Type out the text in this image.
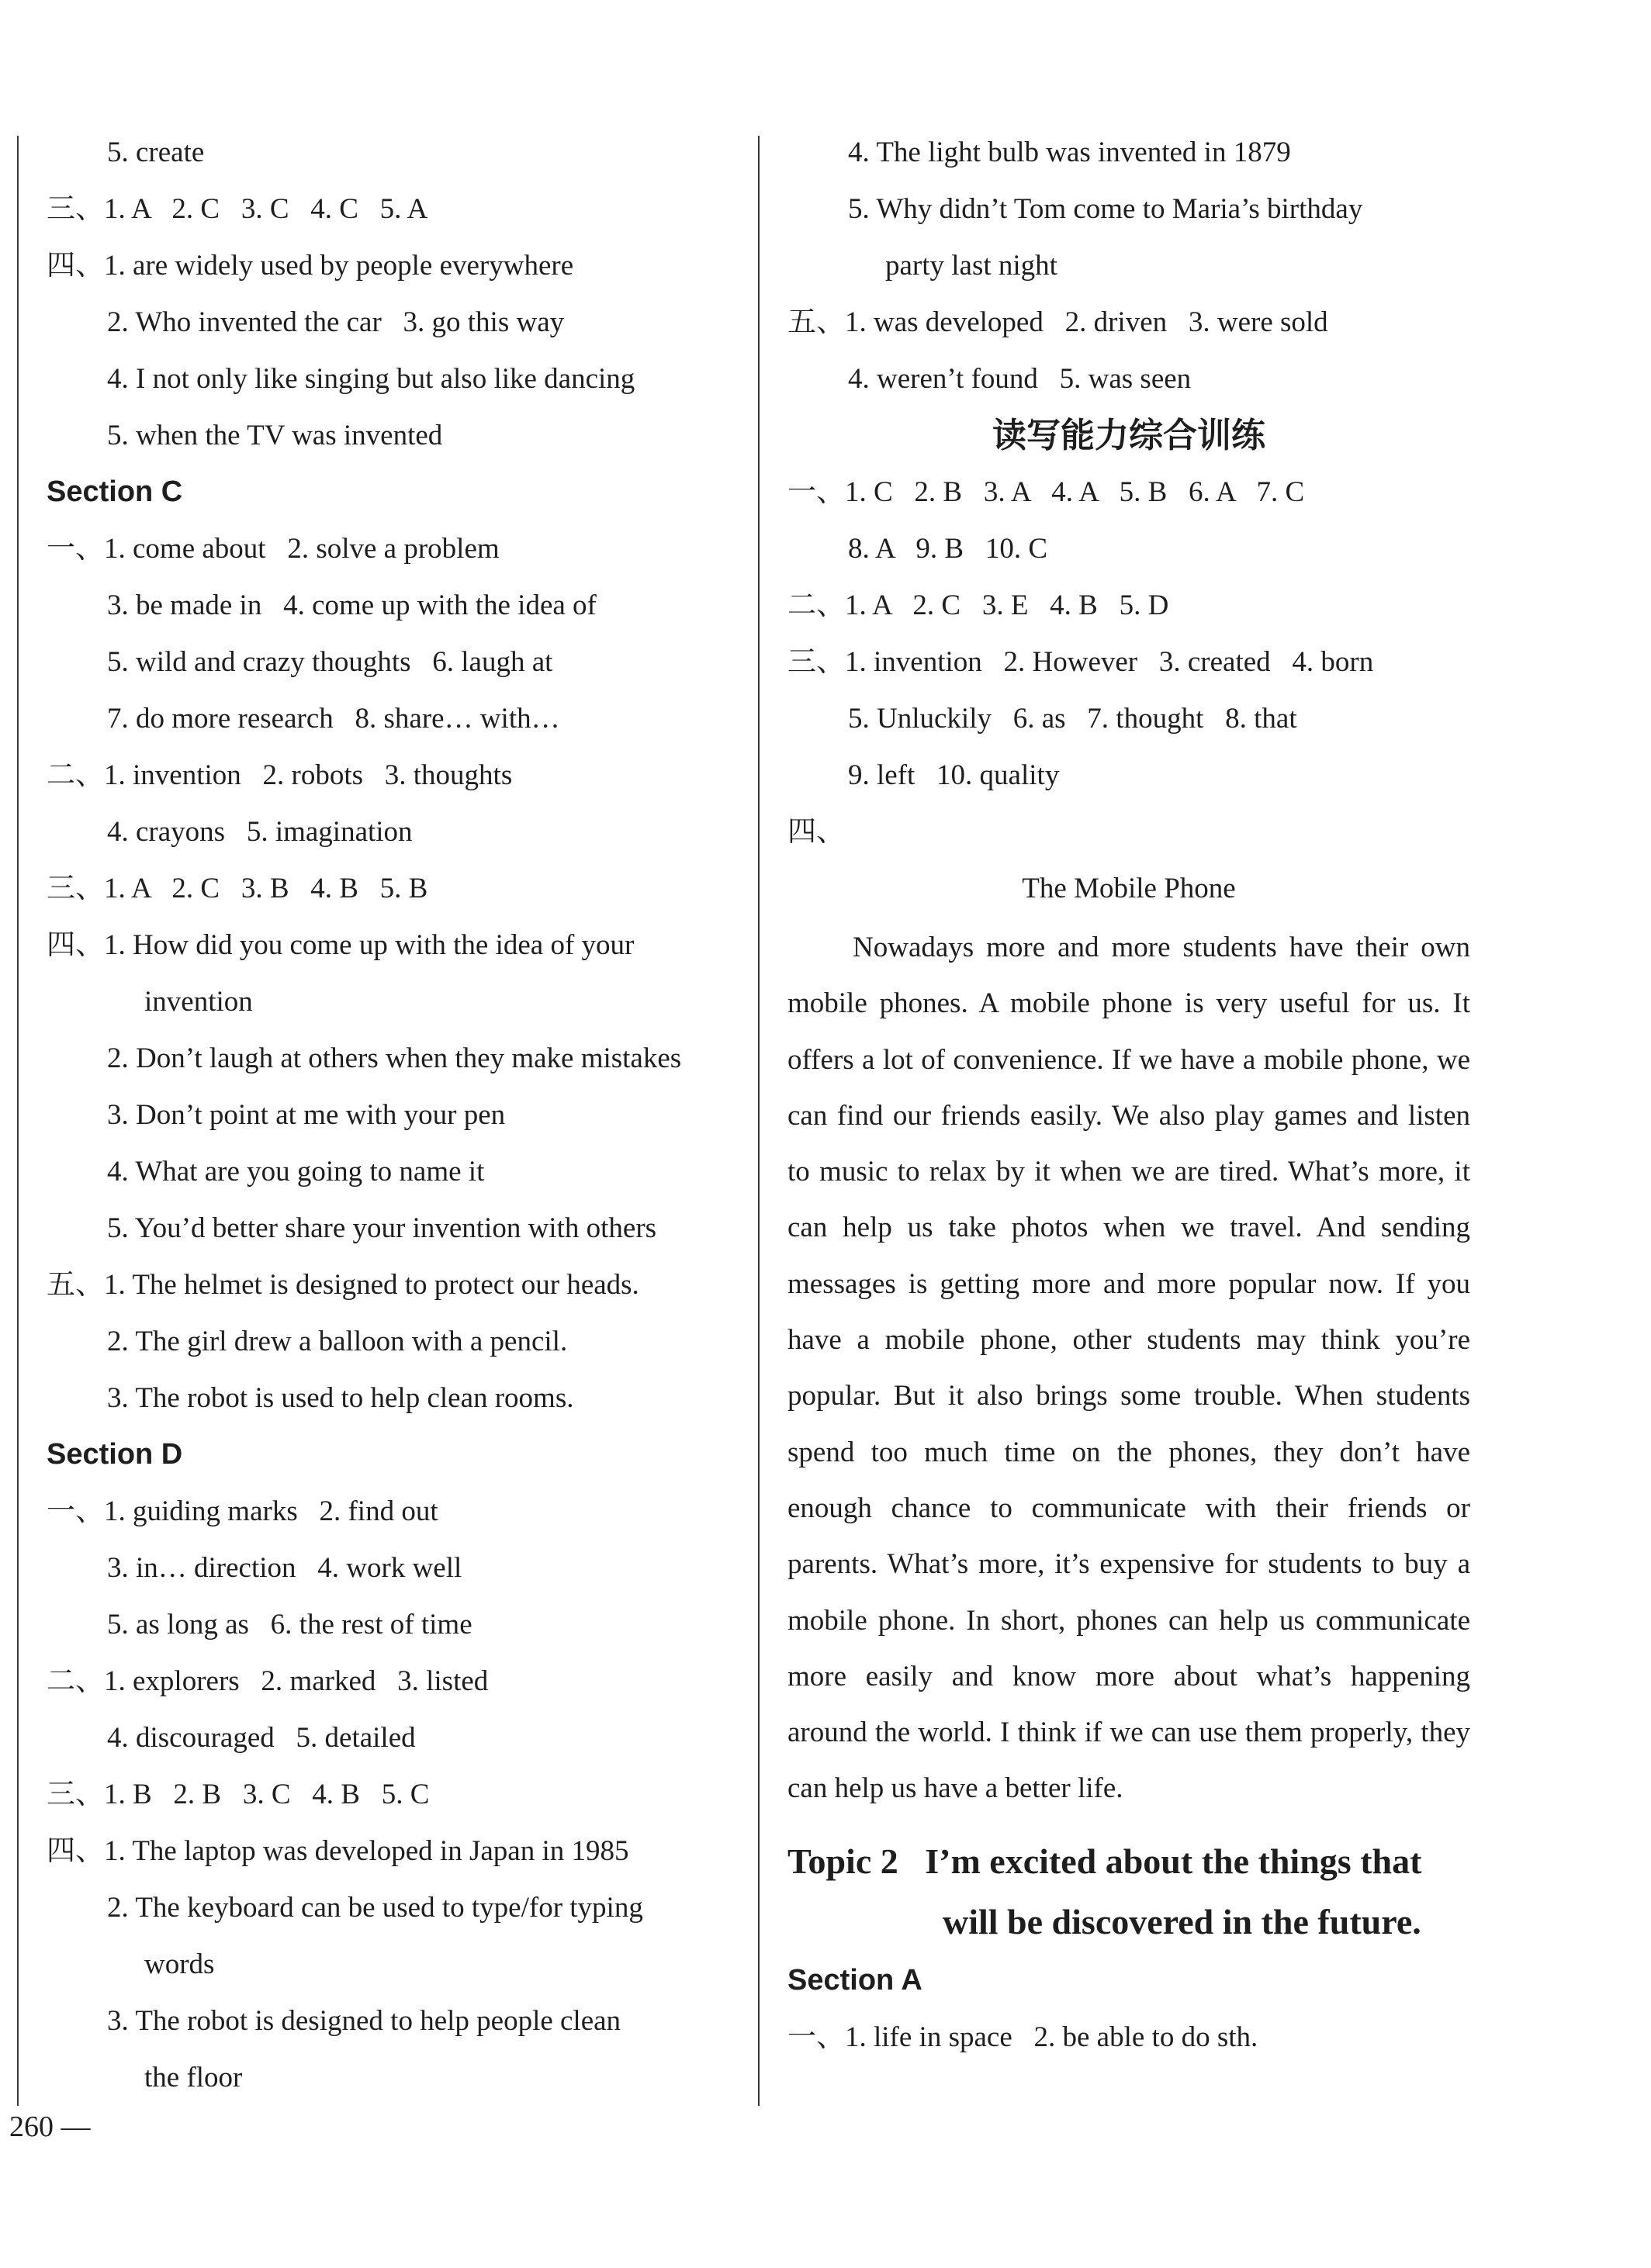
5. create
三、1. A   2. C   3. C   4. C   5. A
四、1. are widely used by people everywhere
2. Who invented the car   3. go this way
4. I not only like singing but also like dancing
5. when the TV was invented
Section C
一、1. come about   2. solve a problem
3. be made in   4. come up with the idea of
5. wild and crazy thoughts   6. laugh at
7. do more research   8. share… with…
二、1. invention   2. robots   3. thoughts
4. crayons   5. imagination
三、1. A   2. C   3. B   4. B   5. B
四、1. How did you come up with the idea of your
invention
2. Don’t laugh at others when they make mistakes
3. Don’t point at me with your pen
4. What are you going to name it
5. You’d better share your invention with others
五、1. The helmet is designed to protect our heads.
2. The girl drew a balloon with a pencil.
3. The robot is used to help clean rooms.
Section D
一、1. guiding marks   2. find out
3. in… direction   4. work well
5. as long as   6. the rest of time
二、1. explorers   2. marked   3. listed
4. discouraged   5. detailed
三、1. B   2. B   3. C   4. B   5. C
四、1. The laptop was developed in Japan in 1985
2. The keyboard can be used to type/for typing
words
3. The robot is designed to help people clean
the floor
4. The light bulb was invented in 1879
5. Why didn’t Tom come to Maria’s birthday
party last night
五、1. was developed   2. driven   3. were sold
4. weren’t found   5. was seen
读写能力综合训练
一、1. C   2. B   3. A   4. A   5. B   6. A   7. C
8. A   9. B   10. C
二、1. A   2. C   3. E   4. B   5. D
三、1. invention   2. However   3. created   4. born
5. Unluckily   6. as   7. thought   8. that
9. left   10. quality
四、
The Mobile Phone
Nowadays more and more students have their own mobile phones. A mobile phone is very useful for us. It offers a lot of convenience. If we have a mobile phone, we can find our friends easily. We also play games and listen to music to relax by it when we are tired. What’s more, it can help us take photos when we travel. And sending messages is getting more and more popular now. If you have a mobile phone, other students may think you’re popular. But it also brings some trouble. When students spend too much time on the phones, they don’t have enough chance to communicate with their friends or parents. What’s more, it’s expensive for students to buy a mobile phone. In short, phones can help us communicate more easily and know more about what’s happening around the world. I think if we can use them properly, they can help us have a better life.
Topic 2 I’m excited about the things that
will be discovered in the future.
Section A
一、1. life in space   2. be able to do sth.
260 —
